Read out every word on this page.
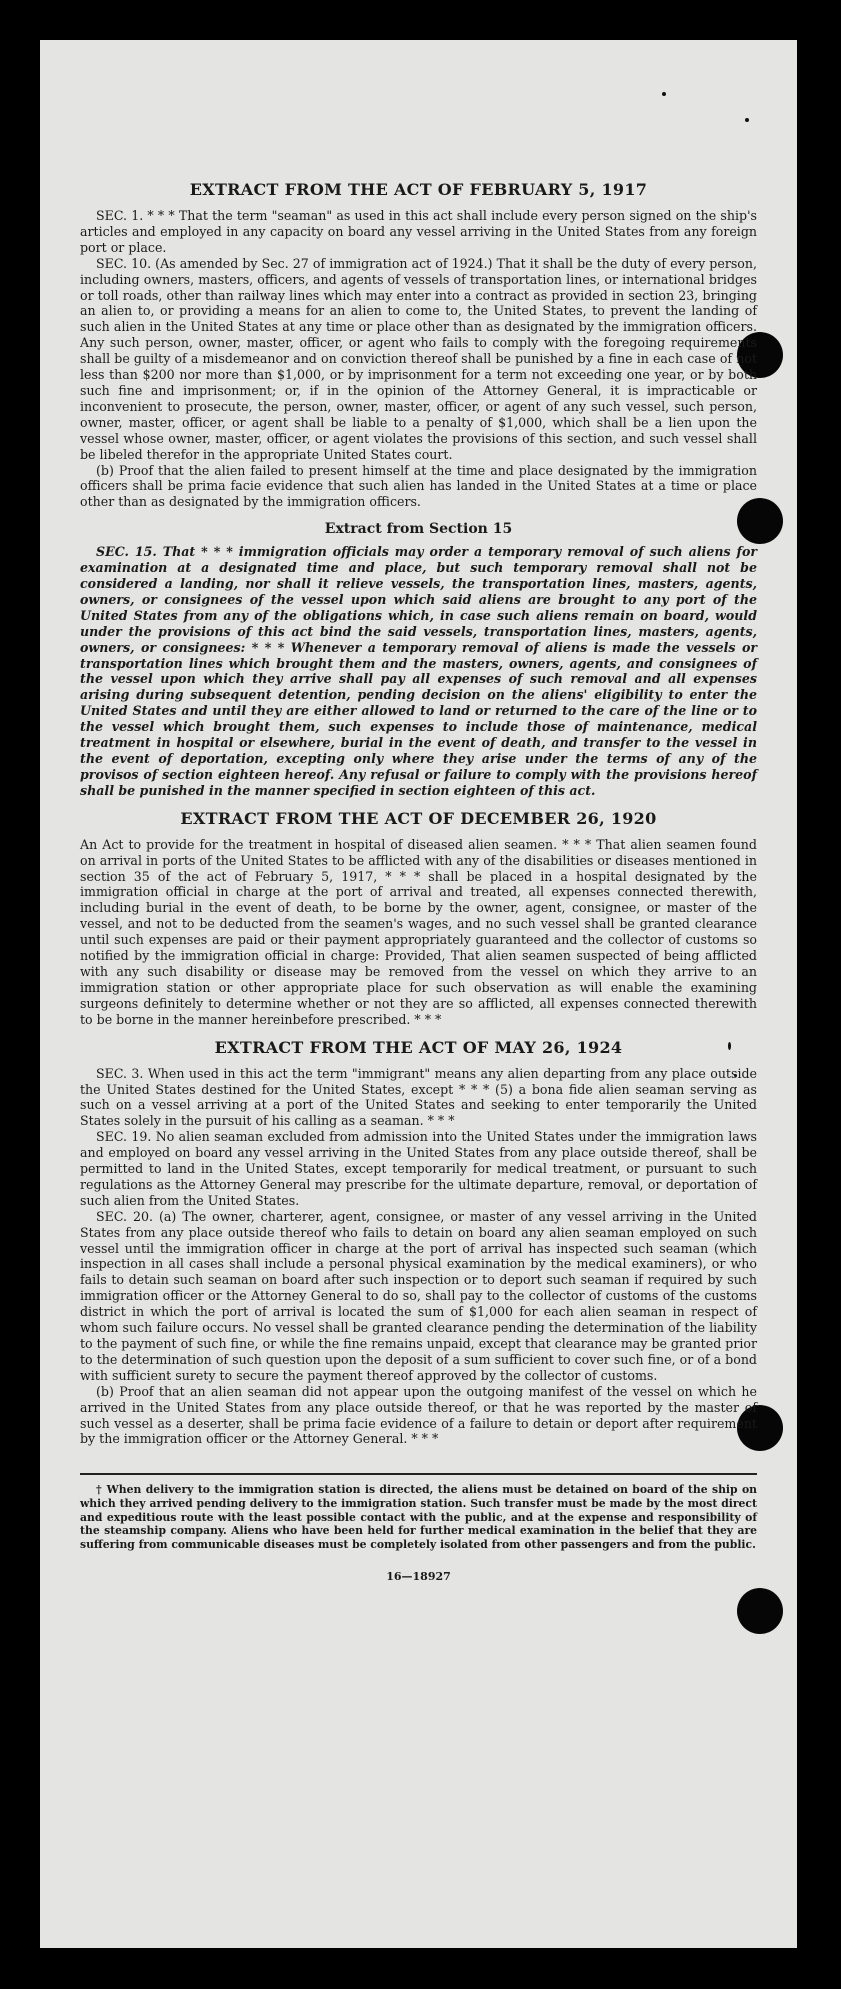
EXTRACT FROM THE ACT OF FEBRUARY 5, 1917

SEC. 1. * * * That the term "seaman" as used in this act shall include every person signed on the ship's articles and employed in any capacity on board any vessel arriving in the United States from any foreign port or place.

SEC. 10. (As amended by Sec. 27 of immigration act of 1924.) That it shall be the duty of every person, including owners, masters, officers, and agents of vessels of transportation lines, or international bridges or toll roads, other than railway lines which may enter into a contract as provided in section 23, bringing an alien to, or providing a means for an alien to come to, the United States, to prevent the landing of such alien in the United States at any time or place other than as designated by the immigration officers. Any such person, owner, master, officer, or agent who fails to comply with the foregoing requirements shall be guilty of a misdemeanor and on conviction thereof shall be punished by a fine in each case of not less than $200 nor more than $1,000, or by imprisonment for a term not exceeding one year, or by both such fine and imprisonment; or, if in the opinion of the Attorney General, it is impracticable or inconvenient to prosecute, the person, owner, master, officer, or agent of any such vessel, such person, owner, master, officer, or agent shall be liable to a penalty of $1,000, which shall be a lien upon the vessel whose owner, master, officer, or agent violates the provisions of this section, and such vessel shall be libeled therefor in the appropriate United States court.

(b) Proof that the alien failed to present himself at the time and place designated by the immigration officers shall be prima facie evidence that such alien has landed in the United States at a time or place other than as designated by the immigration officers.

Extract from Section 15

SEC. 15. That * * * immigration officials may order a temporary removal of such aliens for examination at a designated time and place, but such temporary removal shall not be considered a landing, nor shall it relieve vessels, the transportation lines, masters, agents, owners, or consignees of the vessel upon which said aliens are brought to any port of the United States from any of the obligations which, in case such aliens remain on board, would under the provisions of this act bind the said vessels, transportation lines, masters, agents, owners, or consignees: * * * Whenever a temporary removal of aliens is made the vessels or transportation lines which brought them and the masters, owners, agents, and consignees of the vessel upon which they arrive shall pay all expenses of such removal and all expenses arising during subsequent detention, pending decision on the aliens' eligibility to enter the United States and until they are either allowed to land or returned to the care of the line or to the vessel which brought them, such expenses to include those of maintenance, medical treatment in hospital or elsewhere, burial in the event of death, and transfer to the vessel in the event of deportation, excepting only where they arise under the terms of any of the provisos of section eighteen hereof. Any refusal or failure to comply with the provisions hereof shall be punished in the manner specified in section eighteen of this act.

EXTRACT FROM THE ACT OF DECEMBER 26, 1920

An Act to provide for the treatment in hospital of diseased alien seamen. * * * That alien seamen found on arrival in ports of the United States to be afflicted with any of the disabilities or diseases mentioned in section 35 of the act of February 5, 1917, * * * shall be placed in a hospital designated by the immigration official in charge at the port of arrival and treated, all expenses connected therewith, including burial in the event of death, to be borne by the owner, agent, consignee, or master of the vessel, and not to be deducted from the seamen's wages, and no such vessel shall be granted clearance until such expenses are paid or their payment appropriately guaranteed and the collector of customs so notified by the immigration official in charge: Provided, That alien seamen suspected of being afflicted with any such disability or disease may be removed from the vessel on which they arrive to an immigration station or other appropriate place for such observation as will enable the examining surgeons definitely to determine whether or not they are so afflicted, all expenses connected therewith to be borne in the manner hereinbefore prescribed. * * *

EXTRACT FROM THE ACT OF MAY 26, 1924

SEC. 3. When used in this act the term "immigrant" means any alien departing from any place outside the United States destined for the United States, except * * * (5) a bona fide alien seaman serving as such on a vessel arriving at a port of the United States and seeking to enter temporarily the United States solely in the pursuit of his calling as a seaman. * * *

SEC. 19. No alien seaman excluded from admission into the United States under the immigration laws and employed on board any vessel arriving in the United States from any place outside thereof, shall be permitted to land in the United States, except temporarily for medical treatment, or pursuant to such regulations as the Attorney General may prescribe for the ultimate departure, removal, or deportation of such alien from the United States.

SEC. 20. (a) The owner, charterer, agent, consignee, or master of any vessel arriving in the United States from any place outside thereof who fails to detain on board any alien seaman employed on such vessel until the immigration officer in charge at the port of arrival has inspected such seaman (which inspection in all cases shall include a personal physical examination by the medical examiners), or who fails to detain such seaman on board after such inspection or to deport such seaman if required by such immigration officer or the Attorney General to do so, shall pay to the collector of customs of the customs district in which the port of arrival is located the sum of $1,000 for each alien seaman in respect of whom such failure occurs. No vessel shall be granted clearance pending the determination of the liability to the payment of such fine, or while the fine remains unpaid, except that clearance may be granted prior to the determination of such question upon the deposit of a sum sufficient to cover such fine, or of a bond with sufficient surety to secure the payment thereof approved by the collector of customs.

(b) Proof that an alien seaman did not appear upon the outgoing manifest of the vessel on which he arrived in the United States from any place outside thereof, or that he was reported by the master of such vessel as a deserter, shall be prima facie evidence of a failure to detain or deport after requirement by the immigration officer or the Attorney General. * * *

† When delivery to the immigration station is directed, the aliens must be detained on board of the ship on which they arrived pending delivery to the immigration station. Such transfer must be made by the most direct and expeditious route with the least possible contact with the public, and at the expense and responsibility of the steamship company. Aliens who have been held for further medical examination in the belief that they are suffering from communicable diseases must be completely isolated from other passengers and from the public.

16—18927
